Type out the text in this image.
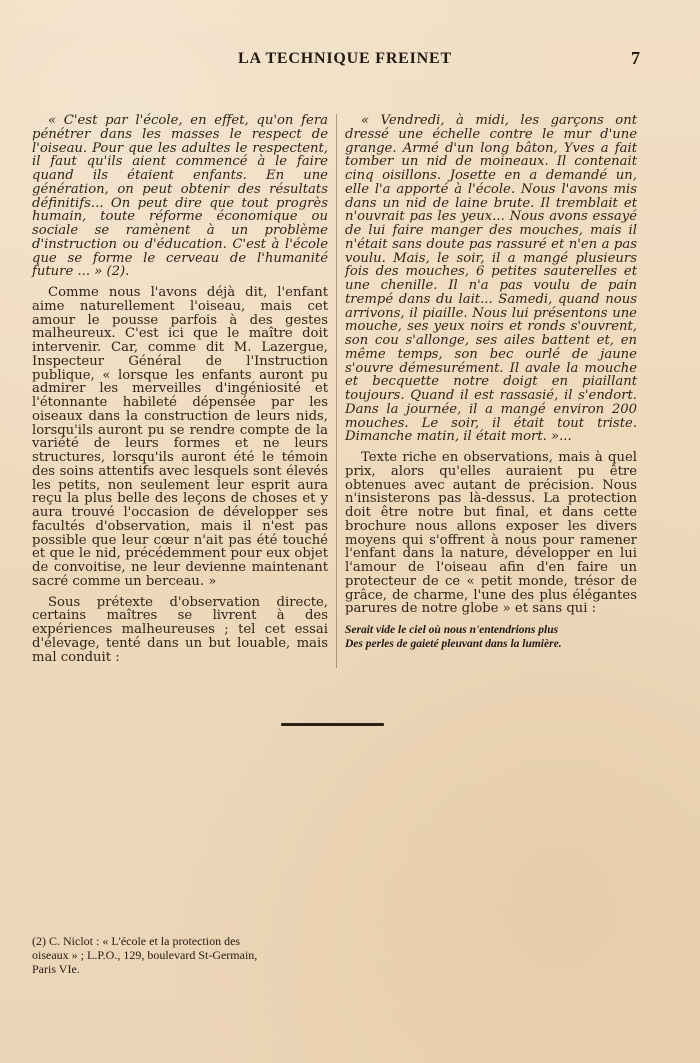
LA TECHNIQUE FREINET	7

« C'est par l'école, en effet, qu'on fera pénétrer dans les masses le respect de l'oiseau. Pour que les adultes le respectent, il faut qu'ils aient commencé à le faire quand ils étaient enfants. En une génération, on peut obtenir des résultats définitifs... On peut dire que tout progrès humain, toute réforme économique ou sociale se ramènent à un problème d'instruction ou d'éducation. C'est à l'école que se forme le cerveau de l'humanité future ... » (2).

Comme nous l'avons déjà dit, l'enfant aime naturellement l'oiseau, mais cet amour le pousse parfois à des gestes malheureux. C'est ici que le maître doit intervenir. Car, comme dit M. Lazergue, Inspecteur Général de l'Instruction publique, « lorsque les enfants auront pu admirer les merveilles d'ingéniosité et l'étonnante habileté dépensée par les oiseaux dans la construction de leurs nids, lorsqu'ils auront pu se rendre compte de la variété de leurs formes et ne leurs structures, lorsqu'ils auront été le témoin des soins attentifs avec lesquels sont élevés les petits, non seulement leur esprit aura reçu la plus belle des leçons de choses et y aura trouvé l'occasion de développer ses facultés d'observation, mais il n'est pas possible que leur cœur n'ait pas été touché et que le nid, précédemment pour eux objet de convoitise, ne leur devienne maintenant sacré comme un berceau. »

Sous prétexte d'observation directe, certains maîtres se livrent à des expériences malheureuses ; tel cet essai d'élevage, tenté dans un but louable, mais mal conduit :

« Vendredi, à midi, les garçons ont dressé une échelle contre le mur d'une grange. Armé d'un long bâton, Yves a fait tomber un nid de moineaux. Il contenait cinq oisillons. Josette en a demandé un, elle l'a apporté à l'école. Nous l'avons mis dans un nid de laine brute. Il tremblait et n'ouvrait pas les yeux... Nous avons essayé de lui faire manger des mouches, mais il n'était sans doute pas rassuré et n'en a pas voulu. Mais, le soir, il a mangé plusieurs fois des mouches, 6 petites sauterelles et une chenille. Il n'a pas voulu de pain trempé dans du lait... Samedi, quand nous arrivons, il piaille. Nous lui présentons une mouche, ses yeux noirs et ronds s'ouvrent, son cou s'allonge, ses ailes battent et, en même temps, son bec ourlé de jaune s'ouvre démesurément. Il avale la mouche et becquette notre doigt en piaillant toujours. Quand il est rassasié, il s'endort. Dans la journée, il a mangé environ 200 mouches. Le soir, il était tout triste. Dimanche matin, il était mort. »...

Texte riche en observations, mais à quel prix, alors qu'elles auraient pu être obtenues avec autant de précision. Nous n'insisterons pas là-dessus. La protection doit être notre but final, et dans cette brochure nous allons exposer les divers moyens qui s'offrent à nous pour ramener l'enfant dans la nature, développer en lui l'amour de l'oiseau afin d'en faire un protecteur de ce « petit monde, trésor de grâce, de charme, l'une des plus élégantes parures de notre globe » et sans qui :

Serait vide le ciel où nous n'entendrions plus
Des perles de gaieté pleuvant dans la lumière.
(2) C. Niclot : « L'école et la protection des
oiseaux » ; L.P.O., 129, boulevard St-Germain,
Paris VIe.
